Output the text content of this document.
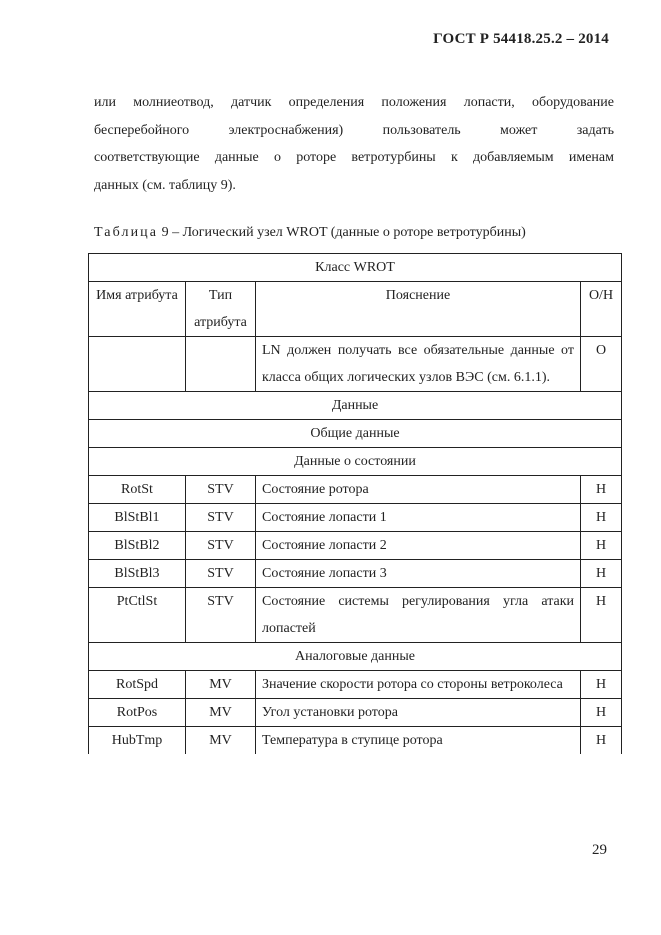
ГОСТ Р 54418.25.2 – 2014
или молниеотвод, датчик определения положения лопасти, оборудование
бесперебойного электроснабжения) пользователь может задать
соответствующие данные о роторе ветротурбины к добавляемым именам
данных (см. таблицу 9).
Таблица 9 – Логический узел WROT (данные о роторе ветротурбины)
Класс WROT			
Имя атрибута	Тип атрибута	Пояснение	О/Н
		LN должен получать все обязательные данные от класса общих логических узлов ВЭС (см. 6.1.1).	О
Данные			
Общие данные			
Данные о состоянии			
RotSt	STV	Состояние ротора	Н
BlStBl1	STV	Состояние лопасти 1	Н
BlStBl2	STV	Состояние лопасти 2	Н
BlStBl3	STV	Состояние лопасти 3	Н
PtCtlSt	STV	Состояние системы регулирования угла атаки лопастей	Н
Аналоговые данные			
RotSpd	MV	Значение скорости ротора со стороны ветроколеса	Н
RotPos	MV	Угол установки ротора	Н
HubTmp	MV	Температура в ступице ротора	Н
29
